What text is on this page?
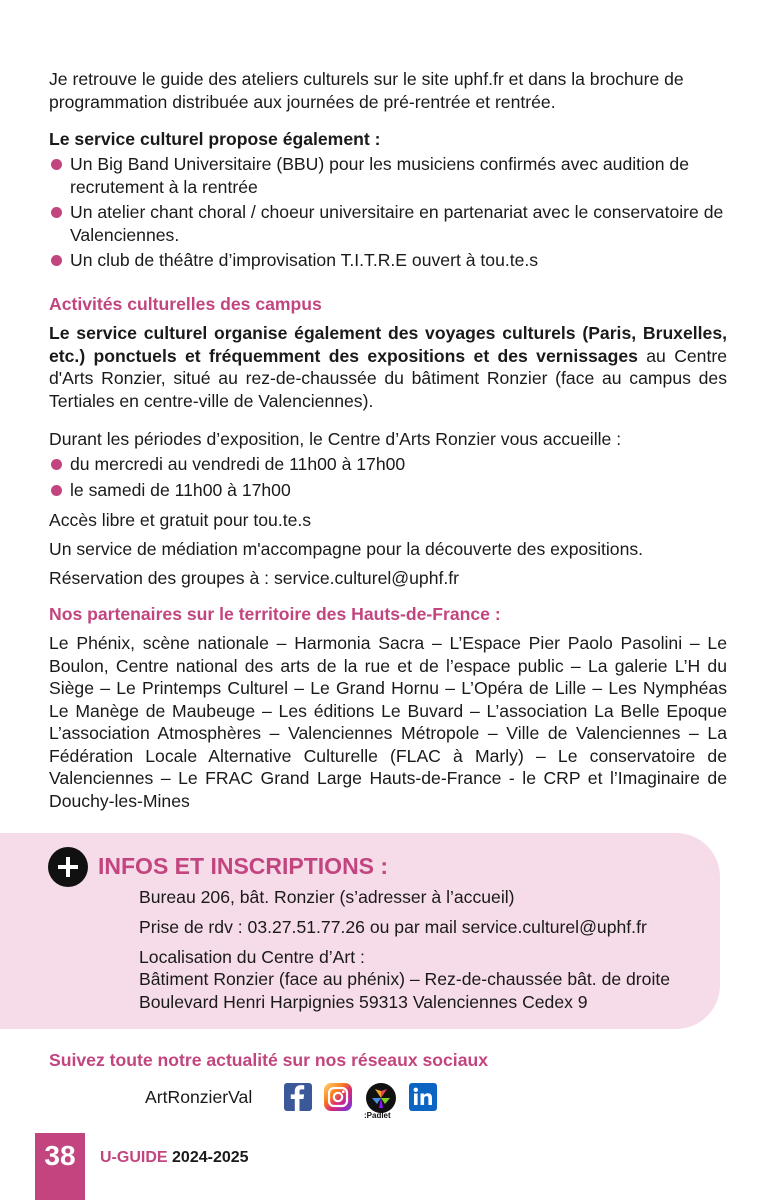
Je retrouve le guide des ateliers culturels sur le site uphf.fr et dans la brochure de programmation distribuée aux journées de pré-rentrée et rentrée.

Le service culturel propose également :

Un Big Band Universitaire (BBU) pour les musiciens confirmés avec audition de recrutement à la rentrée
Un atelier chant choral / choeur universitaire en partenariat avec le conservatoire de Valenciennes.
Un club de théâtre d’improvisation T.I.T.R.E ouvert à tou.te.s

Activités culturelles des campus

Le service culturel organise également des voyages culturels (Paris, Bruxelles, etc.) ponctuels et fréquemment des expositions et des vernissages au Centre d'Arts Ronzier, situé au rez-de-chaussée du bâtiment Ronzier (face au campus des Tertiales en centre-ville de Valenciennes).

Durant les périodes d’exposition, le Centre d’Arts Ronzier vous accueille :

du mercredi au vendredi de 11h00 à 17h00
le samedi de 11h00 à 17h00

Accès libre et gratuit pour tou.te.s

Un service de médiation m'accompagne pour la découverte des expositions.

Réservation des groupes à : service.culturel@uphf.fr

Nos partenaires sur le territoire des Hauts-de-France :

Le Phénix, scène nationale – Harmonia Sacra – L’Espace Pier Paolo Pasolini – Le Boulon, Centre national des arts de la rue et de l’espace public – La galerie L’H du Siège – Le Printemps Culturel – Le Grand Hornu – L’Opéra de Lille – Les Nymphéas Le Manège de Maubeuge – Les éditions Le Buvard – L’association La Belle Epoque L’association Atmosphères – Valenciennes Métropole – Ville de Valenciennes – La Fédération Locale Alternative Culturelle (FLAC à Marly) – Le conservatoire de Valenciennes – Le FRAC Grand Large Hauts-de-France - le CRP et l’Imaginaire de Douchy-les-Mines

INFOS ET INSCRIPTIONS :

Bureau 206, bât. Ronzier (s’adresser à l’accueil)

Prise de rdv : 03.27.51.77.26 ou par mail service.culturel@uphf.fr

Localisation du Centre d’Art :

Bâtiment Ronzier (face au phénix) – Rez-de-chaussée bât. de droite

Boulevard Henri Harpignies 59313 Valenciennes Cedex 9

Suivez toute notre actualité sur nos réseaux sociaux

ArtRonzierVal

:Padlet
38	U-GUIDE 2024-2025
